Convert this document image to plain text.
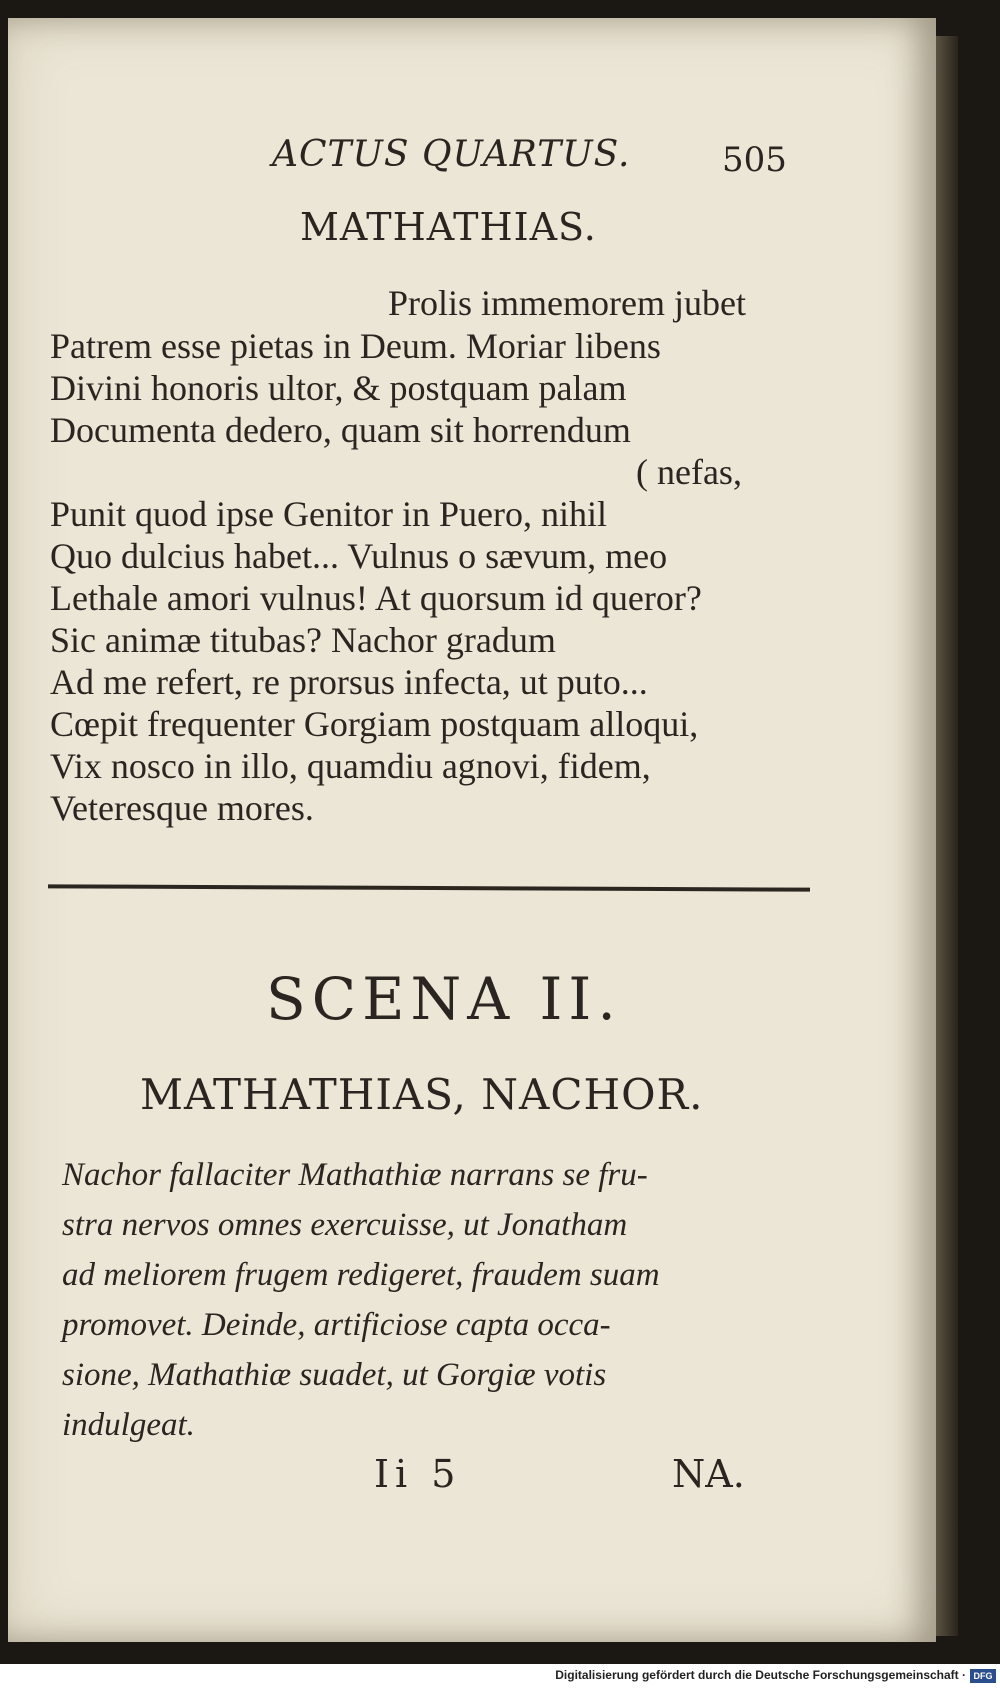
ACTUS QUARTUS.	505
MATHATHIAS.
Prolis immemorem jubet
Patrem esse pietas in Deum. Moriar libens
Divini honoris ultor, & postquam palam
Documenta dedero, quam sit horrendum
( nefas,
Punit quod ipse Genitor in Puero, nihil
Quo dulcius habet... Vulnus o sævum, meo
Lethale amori vulnus! At quorsum id queror?
Sic animæ titubas? Nachor gradum
Ad me refert, re prorsus infecta, ut puto...
Cœpit frequenter Gorgiam postquam alloqui,
Vix nosco in illo, quamdiu agnovi, fidem,
Veteresque mores.
SCENA II.
MATHATHIAS, NACHOR.
Nachor fallaciter Mathathiæ narrans se fru-
stra nervos omnes exercuisse, ut Jonatham
ad meliorem frugem redigeret, fraudem suam
promovet. Deinde, artificiose capta occa-
sione, Mathathiæ suadet, ut Gorgiæ votis
indulgeat.
Ii 5	NA.
Digitalisierung gefördert durch die Deutsche Forschungsgemeinschaft · DFG
